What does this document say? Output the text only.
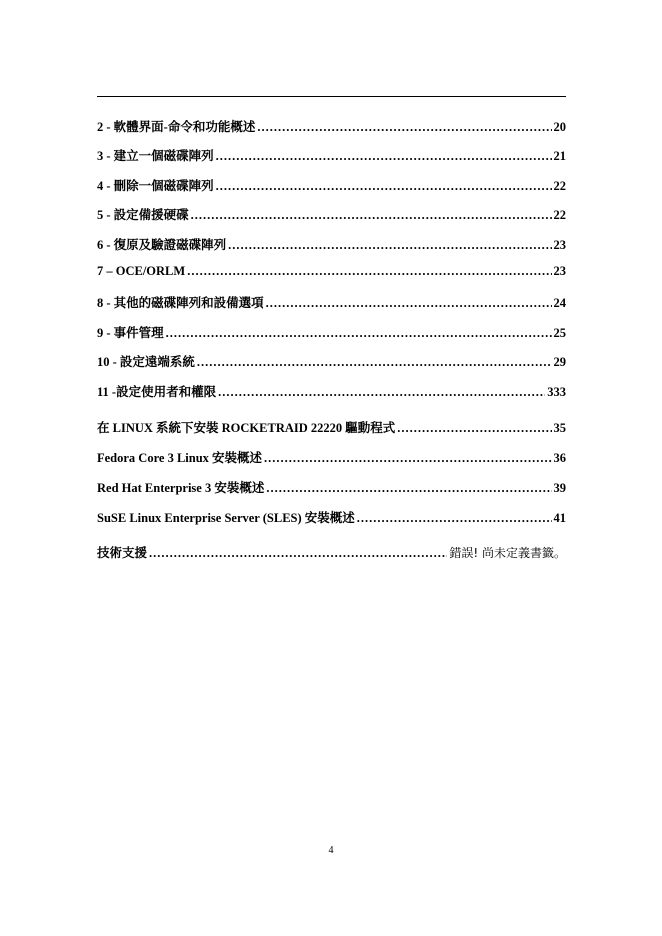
2 - 軟體界面-命令和功能概述 .....	20
3 - 建立一個磁碟陣列 .....	21
4 - 刪除一個磁碟陣列 .....	22
5 - 設定備援硬碟 .....	22
6 - 復原及驗證磁碟陣列 .....	23
7 – OCE/ORLM .....	23
8 - 其他的磁碟陣列和設備選項 .....	24
9 - 事件管理 .....	25
10 - 設定遠端系統 .....	29
11 -設定使用者和權限 .....	333
在 LINUX 系統下安裝 ROCKETRAID 22220 驅動程式 .....	35
Fedora Core 3 Linux 安裝概述 .....	36
Red Hat Enterprise 3 安裝概述 .....	39
SuSE Linux Enterprise Server (SLES) 安裝概述 .....	41
技術支援 .....	錯誤! 尚未定義書籤。
4
